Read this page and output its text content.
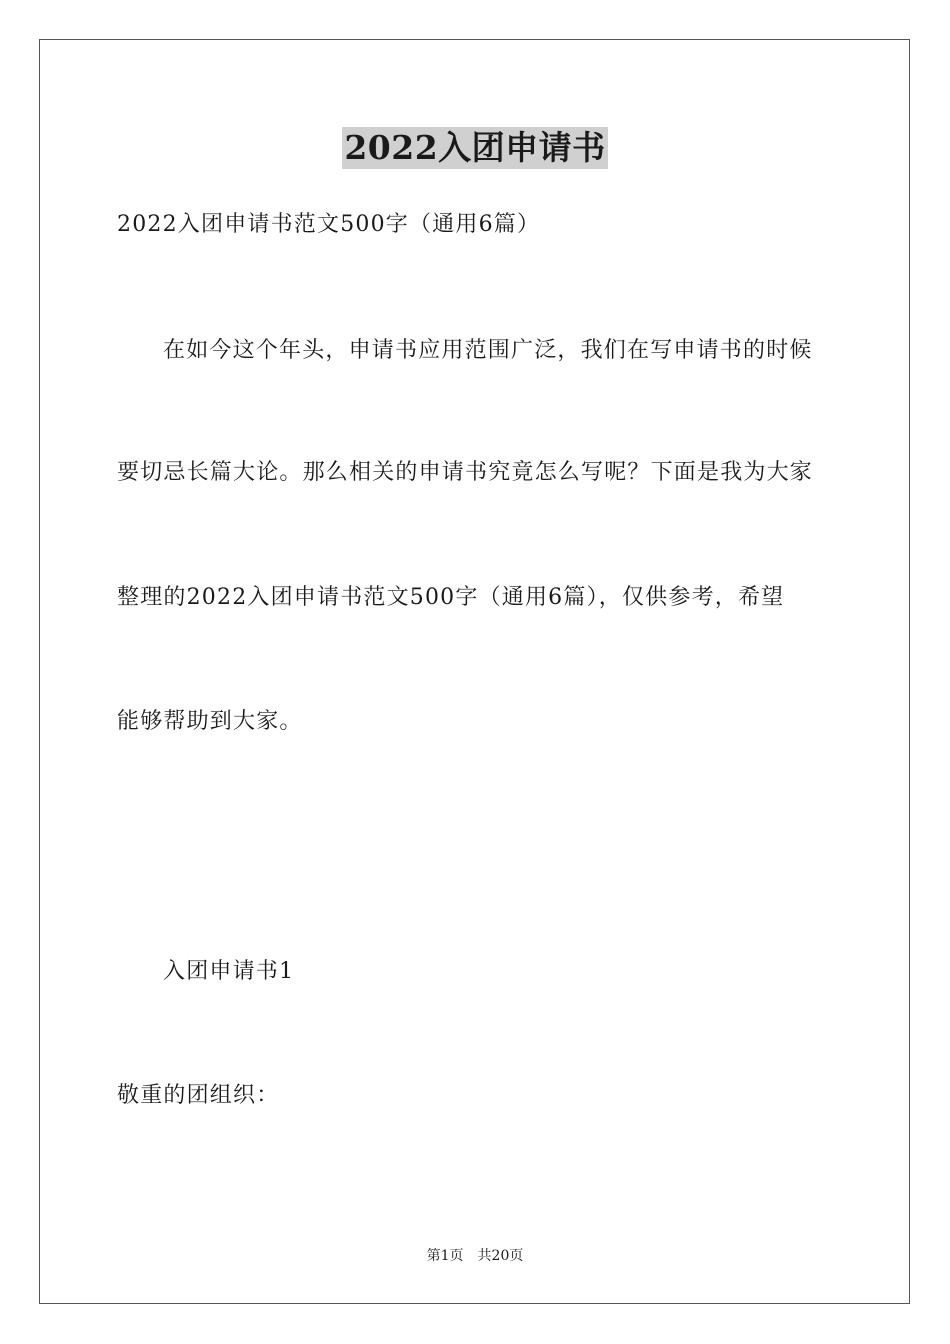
2022入团申请书
2022入团申请书范文500字（通用6篇）
在如今这个年头，申请书应用范围广泛，我们在写申请书的时候
要切忌长篇大论。那么相关的申请书究竟怎么写呢？下面是我为大家
整理的2022入团申请书范文500字（通用6篇），仅供参考，希望
能够帮助到大家。
入团申请书1
敬重的团组织：
第1页　共20页
